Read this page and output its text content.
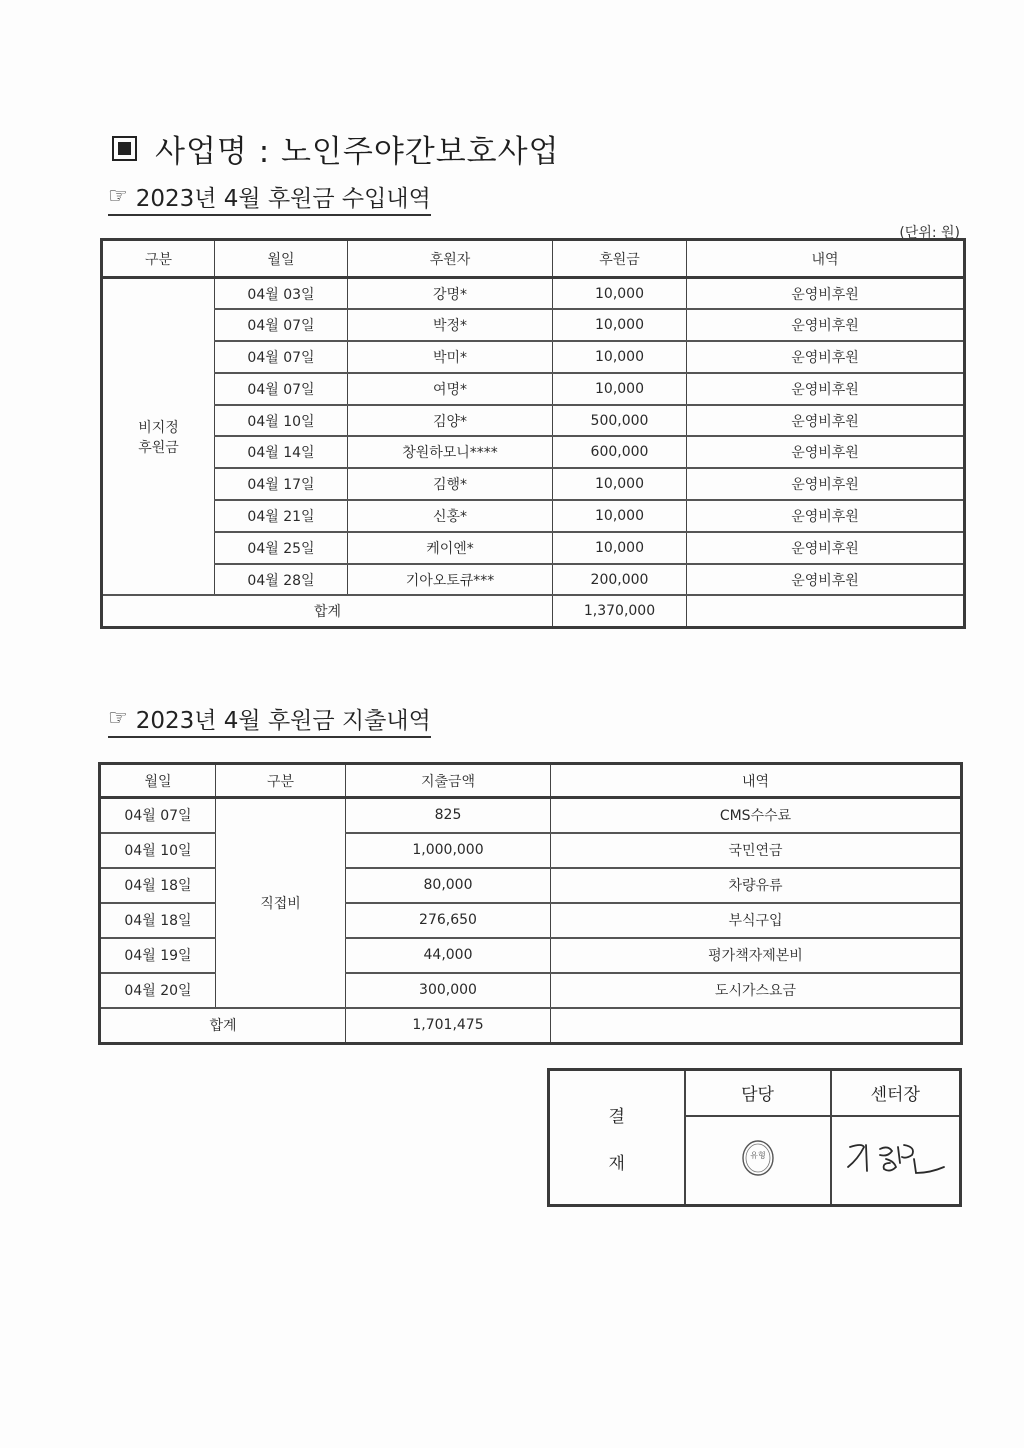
사업명 : 노인주야간보호사업
☞ 2023년 4월 후원금 수입내역
(단위: 원)
구분	월일	후원자	후원금	내역

비지정
후원금	04월 03일	강명*	10,000	운영비후원
	04월 07일	박정*	10,000	운영비후원
	04월 07일	박미*	10,000	운영비후원
	04월 07일	여명*	10,000	운영비후원
	04월 10일	김양*	500,000	운영비후원
	04월 14일	창원하모니****	600,000	운영비후원
	04월 17일	김행*	10,000	운영비후원
	04월 21일	신홍*	10,000	운영비후원
	04월 25일	케이엔*	10,000	운영비후원
	04월 28일	기아오토큐***	200,000	운영비후원
합계			1,370,000	
☞ 2023년 4월 후원금 지출내역
월일	구분	지출금액	내역
04월 07일	직접비	825	CMS수수료
04월 10일		1,000,000	국민연금
04월 18일		80,000	차량유류
04월 18일		276,650	부식구입
04월 19일		44,000	평가책자제본비
04월 20일		300,000	도시가스요금
합계		1,701,475	
결
재	담당	센터장

유형
